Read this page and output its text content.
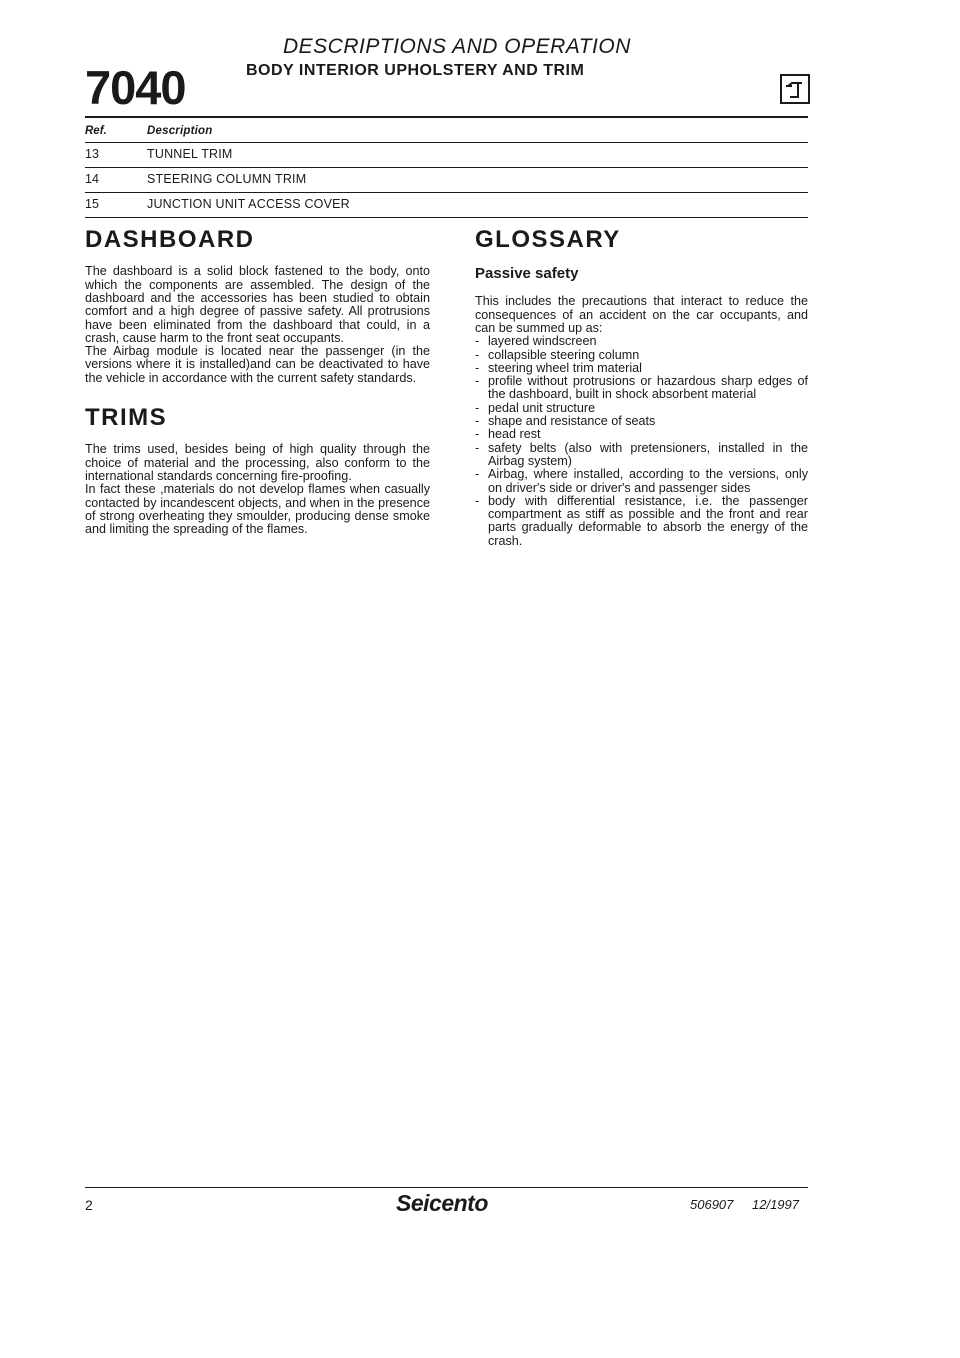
7040
DESCRIPTIONS AND OPERATION
BODY INTERIOR UPHOLSTERY AND TRIM
Ref.	Description
13	TUNNEL TRIM
14	STEERING COLUMN TRIM
15	JUNCTION UNIT ACCESS COVER
DASHBOARD

The dashboard is a solid block fastened to the body, onto which the components are assembled. The design of the dashboard and the accessories has been studied to obtain comfort and a high degree of passive safety. All protrusions have been eliminated from the dashboard that could, in a crash, cause harm to the front seat occupants.

The Airbag module is located near the passenger (in the versions where it is installed)and can be deactivated to have the vehicle in accordance with the current safety standards.

TRIMS

The trims used, besides being of high quality through the choice of material and the processing, also conform to the international standards concerning fire-proofing.

In fact these ,materials do not develop flames when casually contacted by incandescent objects, and when in the presence of strong overheating they smoulder, producing dense smoke and limiting the spreading of the flames.

GLOSSARY
Passive safety

This includes the precautions that interact to reduce the consequences of an accident on the car occupants, and can be summed up as:

- layered windscreen
- collapsible steering column
- steering wheel trim material
- profile without protrusions or hazardous sharp edges of the dashboard, built in shock absorbent material
- pedal unit structure
- shape and resistance of seats
- head rest
- safety belts (also with pretensioners, installed in the Airbag system)
- Airbag, where installed, according to the versions, only on driver's side or driver's and passenger sides
- body with differential resistance, i.e. the passenger compartment as stiff as possible and the front and rear parts gradually deformable to absorb the energy of the crash.
2	Seicento	506907 12/1997
